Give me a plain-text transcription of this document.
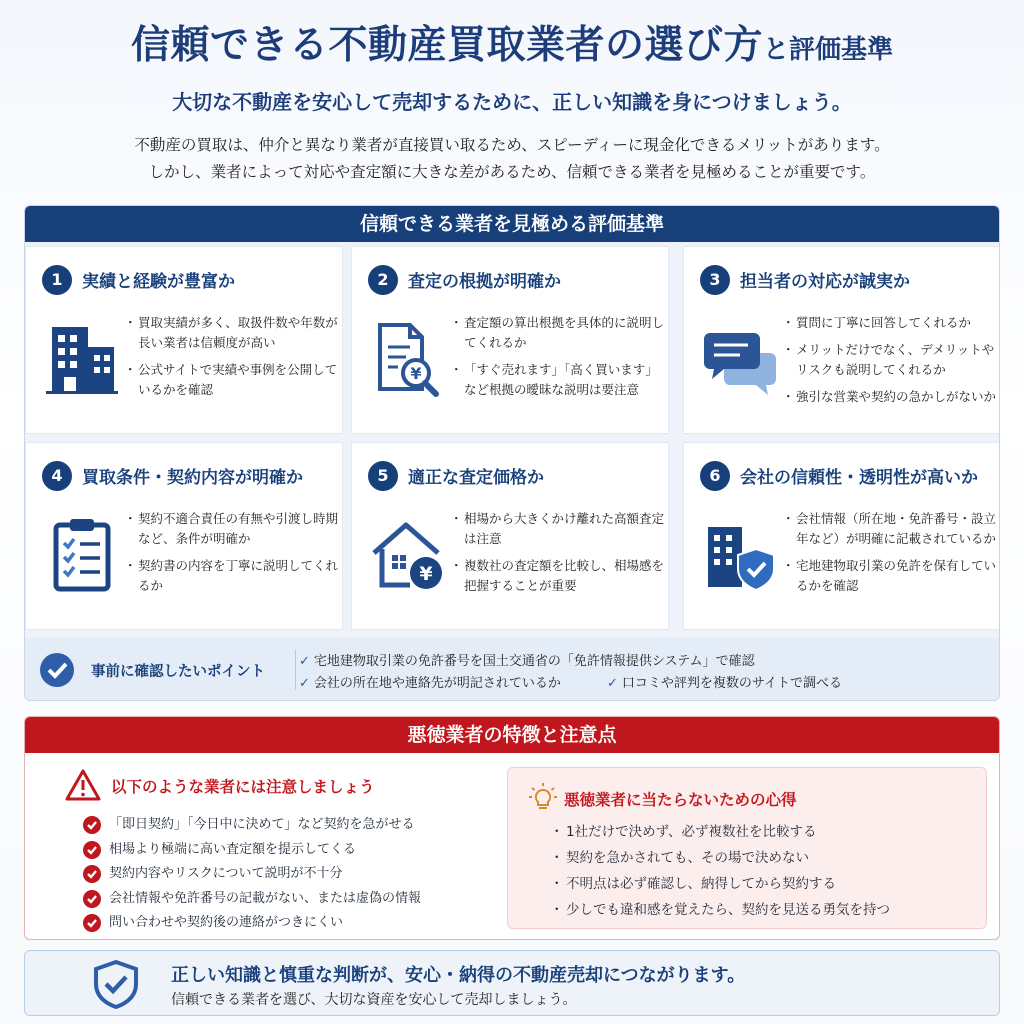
信頼できる不動産買取業者の選び方と評価基準
大切な不動産を安心して売却するために、正しい知識を身につけましょう。
不動産の買取は、仲介と異なり業者が直接買い取るため、スピーディーに現金化できるメリットがあります。
しかし、業者によって対応や査定額に大きな差があるため、信頼できる業者を見極めることが重要です。
信頼できる業者を見極める評価基準
1	実績と経験が豊富か
・ 買取実績が多く、取扱件数や年数が長い業者は信頼度が高い
・ 公式サイトで実績や事例を公開しているかを確認
2	査定の根拠が明確か
¥
・ 査定額の算出根拠を具体的に説明してくれるか
・ 「すぐ売れます」「高く買います」など根拠の曖昧な説明は要注意
3	担当者の対応が誠実か
・ 質問に丁寧に回答してくれるか
・ メリットだけでなく、デメリットやリスクも説明してくれるか
・ 強引な営業や契約の急かしがないか
4	買取条件・契約内容が明確か
・ 契約不適合責任の有無や引渡し時期など、条件が明確か
・ 契約書の内容を丁寧に説明してくれるか
5	適正な査定価格か
¥
・ 相場から大きくかけ離れた高額査定は注意
・ 複数社の査定額を比較し、相場感を把握することが重要
6	会社の信頼性・透明性が高いか
・ 会社情報（所在地・免許番号・設立年など）が明確に記載されているか
・ 宅地建物取引業の免許を保有しているかを確認
事前に確認したいポイント
✓ 宅地建物取引業の免許番号を国土交通省の「免許情報提供システム」で確認
✓ 会社の所在地や連絡先が明記されているか	✓ 口コミや評判を複数のサイトで調べる
悪徳業者の特徴と注意点
以下のような業者には注意しましょう
「即日契約」「今日中に決めて」など契約を急がせる
相場より極端に高い査定額を提示してくる
契約内容やリスクについて説明が不十分
会社情報や免許番号の記載がない、または虚偽の情報
問い合わせや契約後の連絡がつきにくい
悪徳業者に当たらないための心得
・ 1社だけで決めず、必ず複数社を比較する
・ 契約を急かされても、その場で決めない
・ 不明点は必ず確認し、納得してから契約する
・ 少しでも違和感を覚えたら、契約を見送る勇気を持つ
正しい知識と慎重な判断が、安心・納得の不動産売却につながります。
信頼できる業者を選び、大切な資産を安心して売却しましょう。
